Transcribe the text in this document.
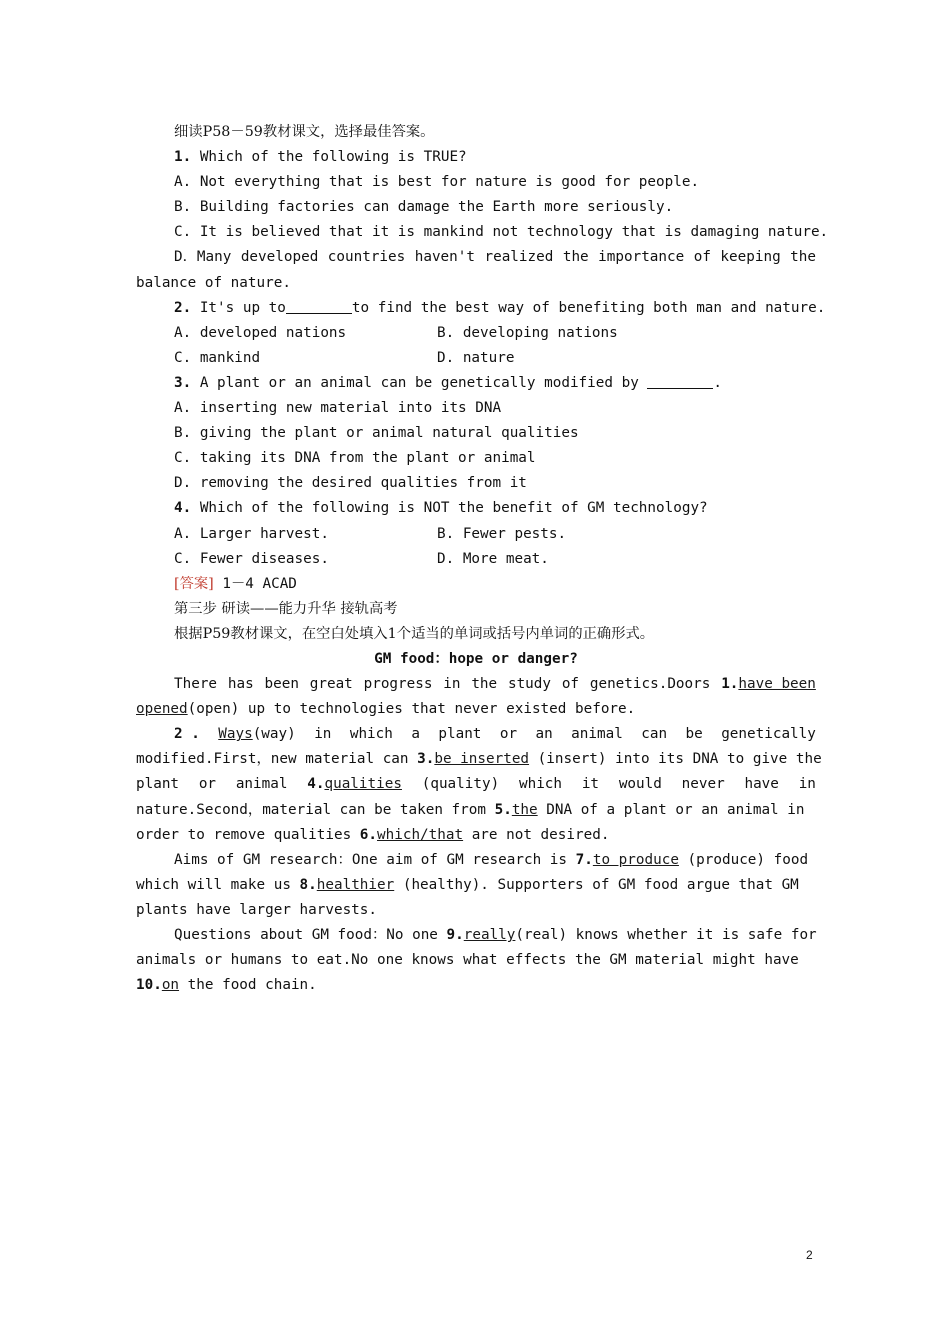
细读P58－59教材课文，选择最佳答案。
1. Which of the following is TRUE?
A. Not everything that is best for nature is good for people.
B. Building factories can damage the Earth more seriously.
C. It is believed that it is mankind not technology that is damaging nature.
D．Many developed countries haven't realized the importance of keeping the
balance of nature.
2. It's up to	to find the best way of benefiting both man and nature.
A. developed nations	B. developing nations
C. mankind	D. nature
3. A plant or an animal can be genetically modified by	.
A. inserting new material into its DNA
B. giving the plant or animal natural qualities
C. taking its DNA from the plant or animal
D. removing the desired qualities from it
4. Which of the following is NOT the benefit of GM technology?
A. Larger harvest.	B. Fewer pests.
C. Fewer diseases.	D. More meat.
[答案] 1－4 ACAD
第三步 研读——能力升华 接轨高考
根据P59教材课文，在空白处填入1个适当的单词或括号内单词的正确形式。
GM food：hope or danger?
There has been great progress in the study of genetics.Doors 1.have been
opened(open) up to technologies that never existed before.
2 . Ways(way) in which a plant or an animal can be genetically
modified.First，new material can 3.be inserted (insert) into its DNA to give the
plant or animal 4.qualities (quality) which it would never have in
nature.Second，material can be taken from 5.the DNA of a plant or an animal in
order to remove qualities 6.which/that are not desired.
Aims of GM research：One aim of GM research is 7.to produce (produce) food
which will make us 8.healthier (healthy). Supporters of GM food argue that GM
plants have larger harvests.
Questions about GM food：No one 9.really(real) knows whether it is safe for
animals or humans to eat.No one knows what effects the GM material might have
10.on the food chain.
2
